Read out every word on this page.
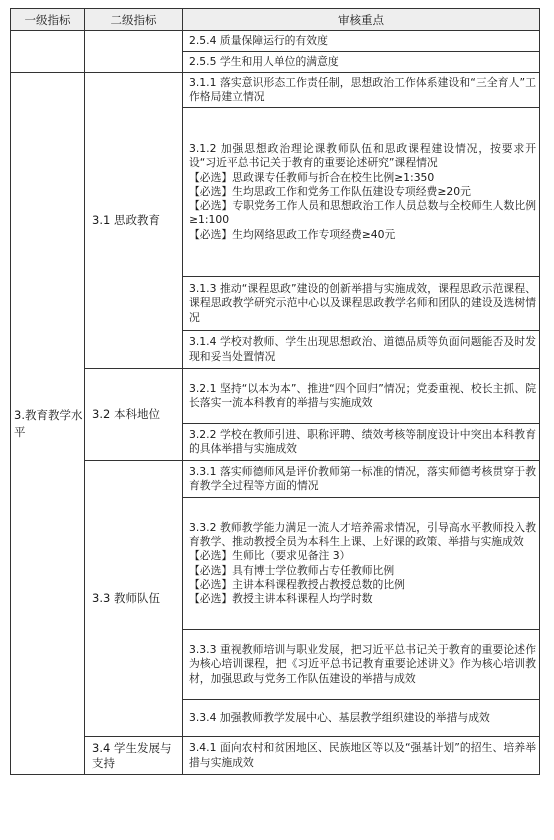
一级指标	二级指标	审核重点
		2.5.4 质量保障运行的有效度
		2.5.5 学生和用人单位的满意度
3.教育教学水平	3.1 思政教育	3.1.1 落实意识形态工作责任制，思想政治工作体系建设和“三全育人”工作格局建立情况

		3.1.2 加强思想政治理论课教师队伍和思政课程建设情况，按要求开设“习近平总书记关于教育的重要论述研究”课程情况
【必选】思政课专任教师与折合在校生比例≥1:350
【必选】生均思政工作和党务工作队伍建设专项经费≥20元
【必选】专职党务工作人员和思想政治工作人员总数与全校师生人数比例≥1:100
【必选】生均网络思政工作专项经费≥40元

		3.1.3 推动“课程思政”建设的创新举措与实施成效，课程思政示范课程、课程思政教学研究示范中心以及课程思政教学名师和团队的建设及选树情况
		3.1.4 学校对教师、学生出现思想政治、道德品质等负面问题能否及时发现和妥当处置情况
	3.2 本科地位	3.2.1 坚持“以本为本”、推进“四个回归”情况；党委重视、校长主抓、院长落实一流本科教育的举措与实施成效
		3.2.2 学校在教师引进、职称评聘、绩效考核等制度设计中突出本科教育的具体举措与实施成效
	3.3 教师队伍	3.3.1 落实师德师风是评价教师第一标准的情况，落实师德考核贯穿于教育教学全过程等方面的情况

		3.3.2 教师教学能力满足一流人才培养需求情况，引导高水平教师投入教育教学、推动教授全员为本科生上课、上好课的政策、举措与实施成效
【必选】生师比（要求见备注 3）
【必选】具有博士学位教师占专任教师比例
【必选】主讲本科课程教授占教授总数的比例
【必选】教授主讲本科课程人均学时数

		3.3.3 重视教师培训与职业发展，把习近平总书记关于教育的重要论述作为核心培训课程，把《习近平总书记教育重要论述讲义》作为核心培训教材，加强思政与党务工作队伍建设的举措与成效
		3.3.4 加强教师教学发展中心、基层教学组织建设的举措与成效
	3.4 学生发展与支持	3.4.1 面向农村和贫困地区、民族地区等以及“强基计划”的招生、培养举措与实施成效
